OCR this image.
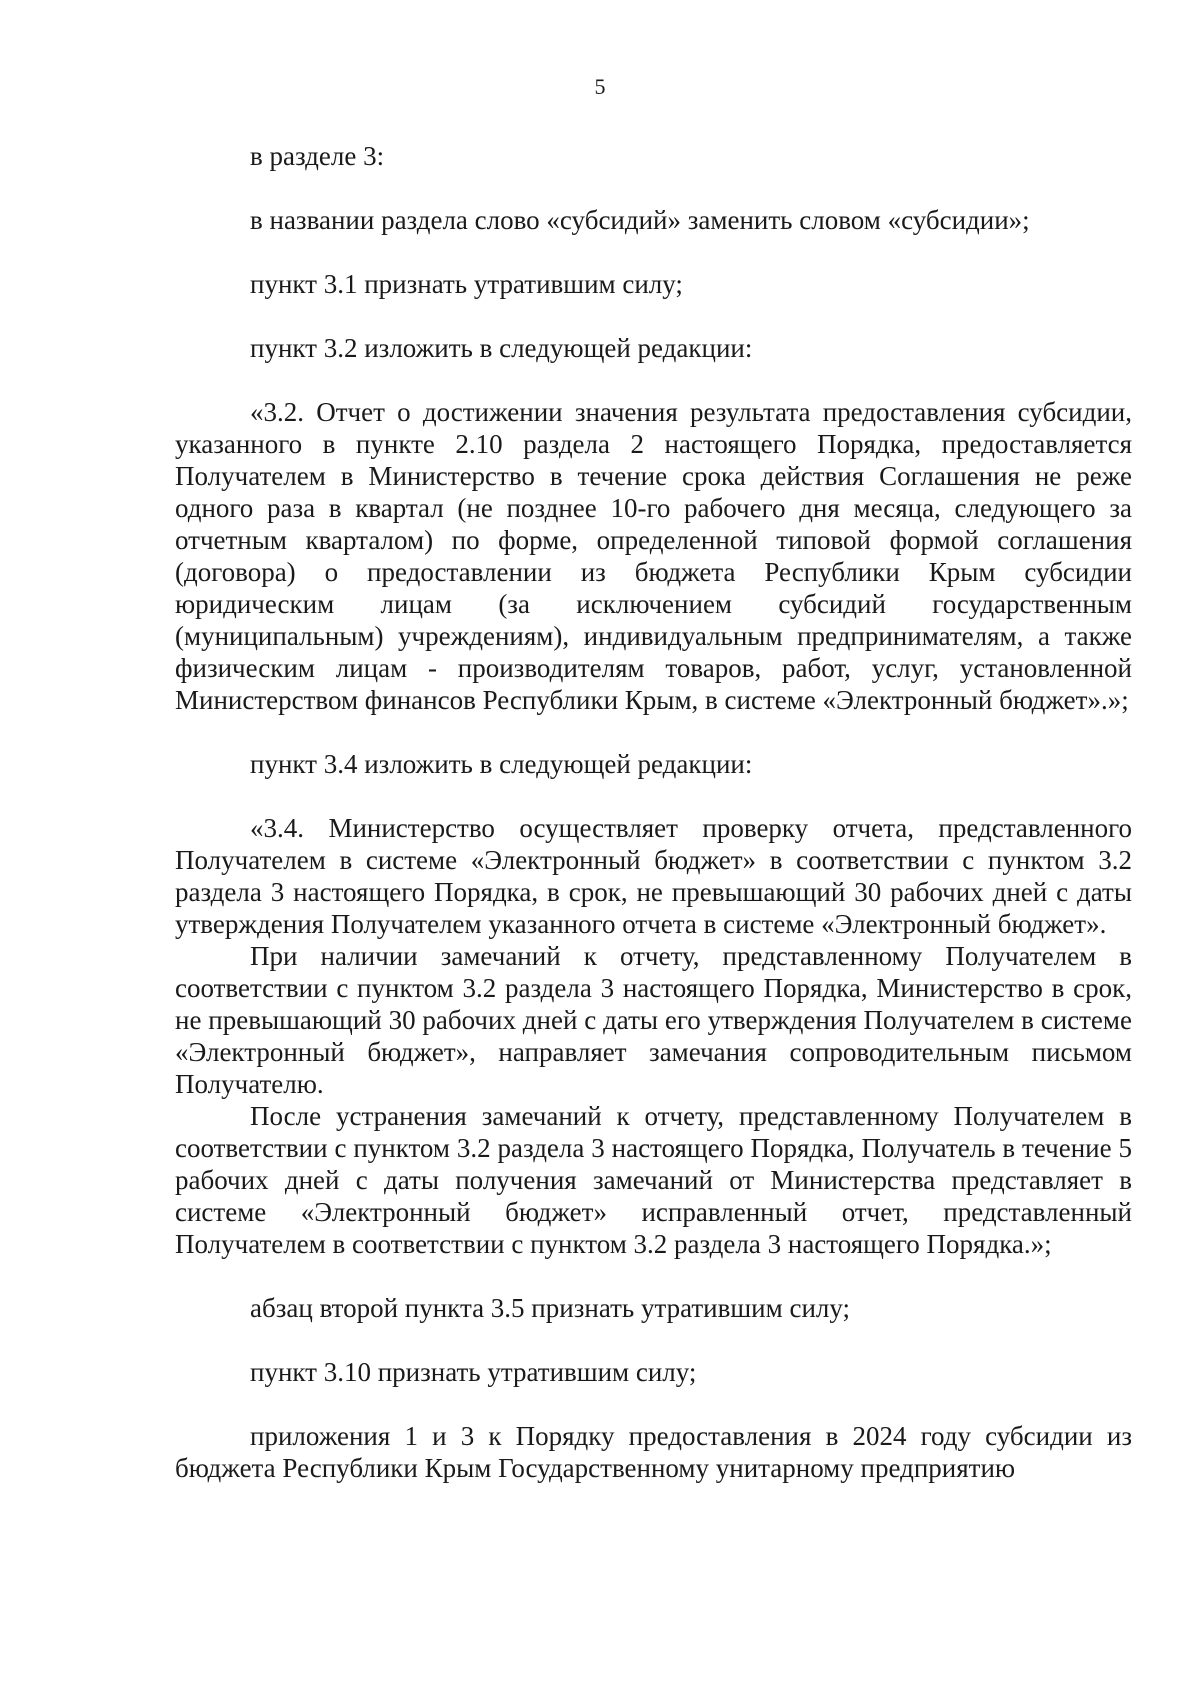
5

в разделе 3:

в названии раздела слово «субсидий» заменить словом «субсидии»;

пункт 3.1 признать утратившим силу;

пункт 3.2 изложить в следующей редакции:

«3.2. Отчет о достижении значения результата предоставления субсидии, указанного в пункте 2.10 раздела 2 настоящего Порядка, предоставляется Получателем в Министерство в течение срока действия Соглашения не реже одного раза в квартал (не позднее 10-го рабочего дня месяца, следующего за отчетным кварталом) по форме, определенной типовой формой соглашения (договора) о предоставлении из бюджета Республики Крым субсидии юридическим лицам (за исключением субсидий государственным (муниципальным) учреждениям), индивидуальным предпринимателям, а также физическим лицам - производителям товаров, работ, услуг, установленной Министерством финансов Республики Крым, в системе «Электронный бюджет».»;

пункт 3.4 изложить в следующей редакции:

«3.4. Министерство осуществляет проверку отчета, представленного Получателем в системе «Электронный бюджет» в соответствии с пунктом 3.2 раздела 3 настоящего Порядка, в срок, не превышающий 30 рабочих дней с даты утверждения Получателем указанного отчета в системе «Электронный бюджет».

При наличии замечаний к отчету, представленному Получателем в соответствии с пунктом 3.2 раздела 3 настоящего Порядка, Министерство в срок, не превышающий 30 рабочих дней с даты его утверждения Получателем в системе «Электронный бюджет», направляет замечания сопроводительным письмом Получателю.

После устранения замечаний к отчету, представленному Получателем в соответствии с пунктом 3.2 раздела 3 настоящего Порядка, Получатель в течение 5 рабочих дней с даты получения замечаний от Министерства представляет в системе «Электронный бюджет» исправленный отчет, представленный Получателем в соответствии с пунктом 3.2 раздела 3 настоящего Порядка.»;

абзац второй пункта 3.5 признать утратившим силу;

пункт 3.10 признать утратившим силу;

приложения 1 и 3 к Порядку предоставления в 2024 году субсидии из бюджета Республики Крым Государственному унитарному предприятию
